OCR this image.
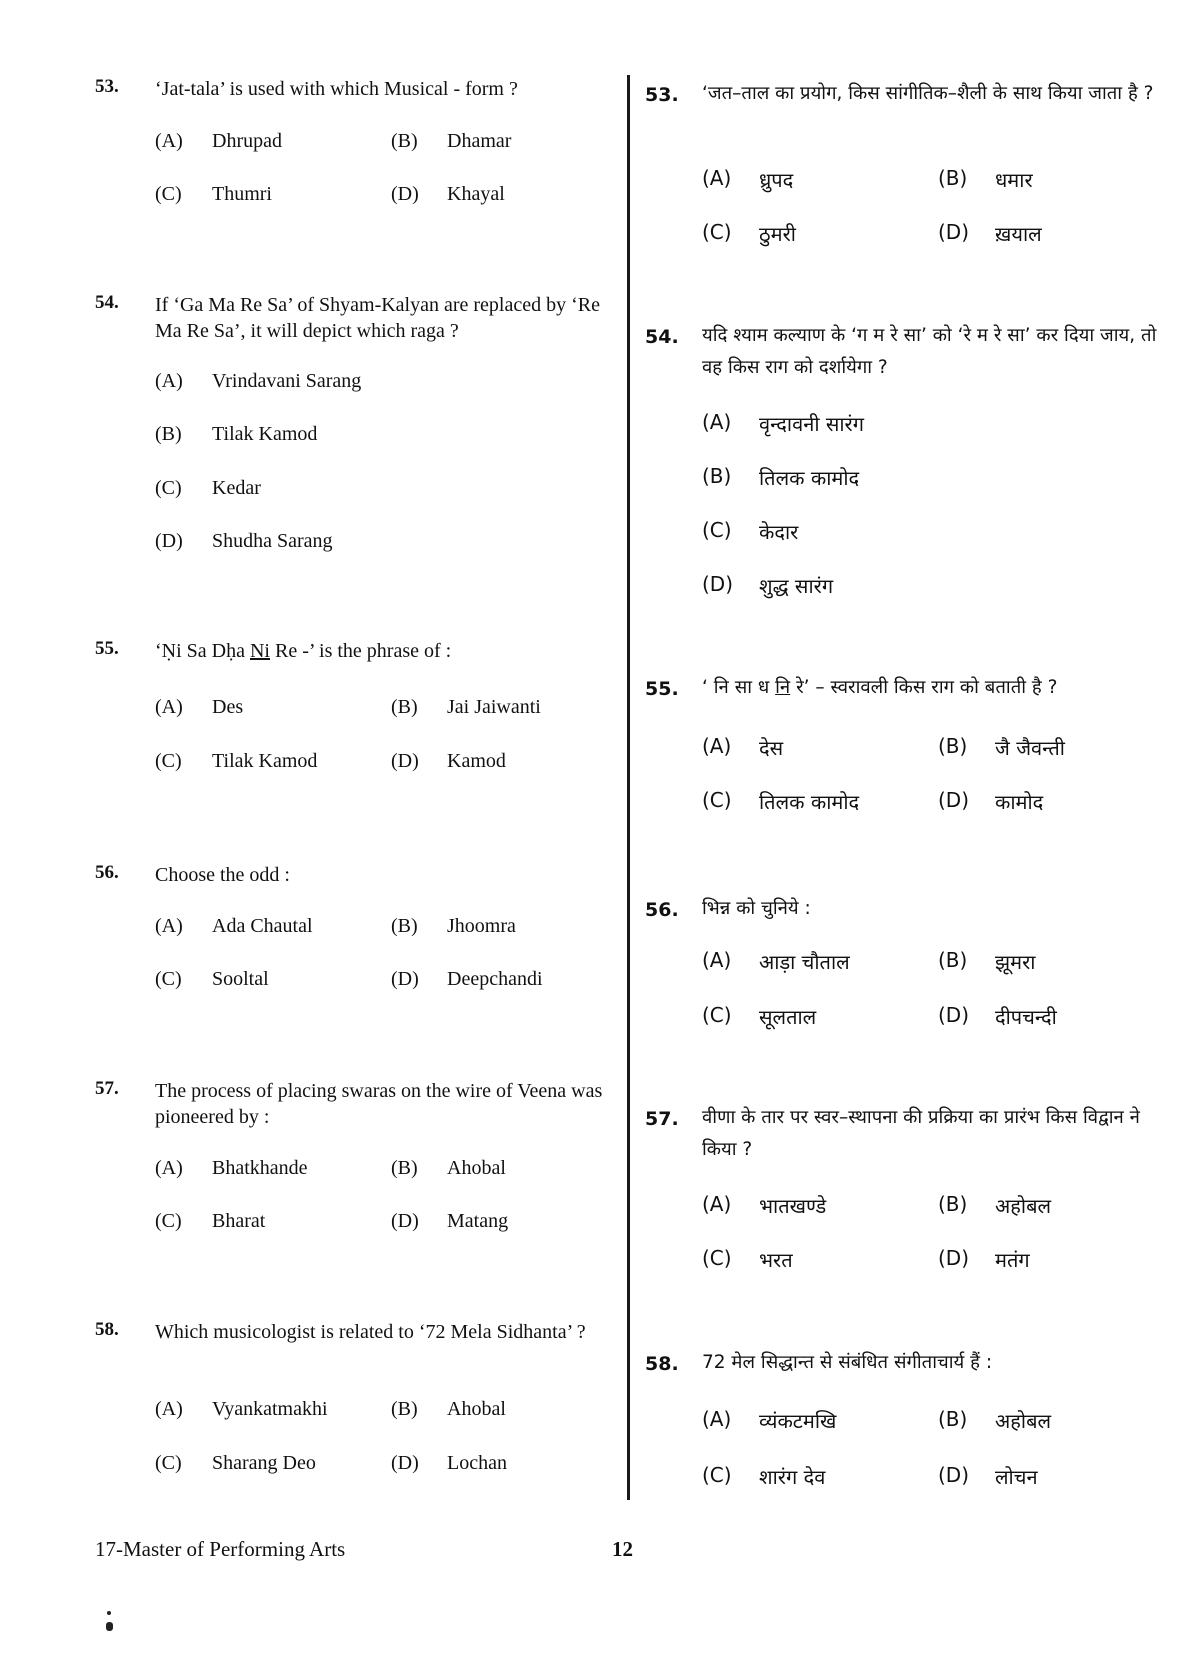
53. ‘Jat-tala’ is used with which Musical - form ?
(A) Dhrupad	(B) Dhamar
(C) Thumri	(D) Khayal
54. If ‘Ga Ma Re Sa’ of Shyam-Kalyan are replaced by ‘Re Ma Re Sa’, it will depict which raga ?
(A) Vrindavani Sarang
(B) Tilak Kamod
(C) Kedar
(D) Shudha Sarang
55. ‘Ṇi Sa Dḥa Ni Re -’ is the phrase of :
(A) Des	(B) Jai Jaiwanti
(C) Tilak Kamod	(D) Kamod
56. Choose the odd :
(A) Ada Chautal	(B) Jhoomra
(C) Sooltal	(D) Deepchandi
57. The process of placing swaras on the wire of Veena was pioneered by :
(A) Bhatkhande	(B) Ahobal
(C) Bharat	(D) Matang
58. Which musicologist is related to ‘72 Mela Sidhanta’ ?
(A) Vyankatmakhi	(B) Ahobal
(C) Sharang Deo	(D) Lochan
53. ‘जत–ताल का प्रयोग, किस सांगीतिक–शैली के साथ किया जाता है ?
(A) ध्रुपद	(B) धमार
(C) ठुमरी	(D) ख़याल
54. यदि श्याम कल्याण के ‘ग म रे सा’ को ‘रे म रे सा’ कर दिया जाय, तो वह किस राग को दर्शायेगा ?
(A) वृन्दावनी सारंग
(B) तिलक कामोद
(C) केदार
(D) शुद्ध सारंग
55. ‘ नि सा ध नि रे’ – स्वरावली किस राग को बताती है ?
(A) देस	(B) जै जैवन्ती
(C) तिलक कामोद	(D) कामोद
56. भिन्न को चुनिये :
(A) आड़ा चौताल	(B) झूमरा
(C) सूलताल	(D) दीपचन्दी
57. वीणा के तार पर स्वर–स्थापना की प्रक्रिया का प्रारंभ किस विद्वान ने किया ?
(A) भातखण्डे	(B) अहोबल
(C) भरत	(D) मतंग
58. 72 मेल सिद्धान्त से संबंधित संगीताचार्य हैं :
(A) व्यंकटमखि	(B) अहोबल
(C) शारंग देव	(D) लोचन
17-Master of Performing Arts	12
